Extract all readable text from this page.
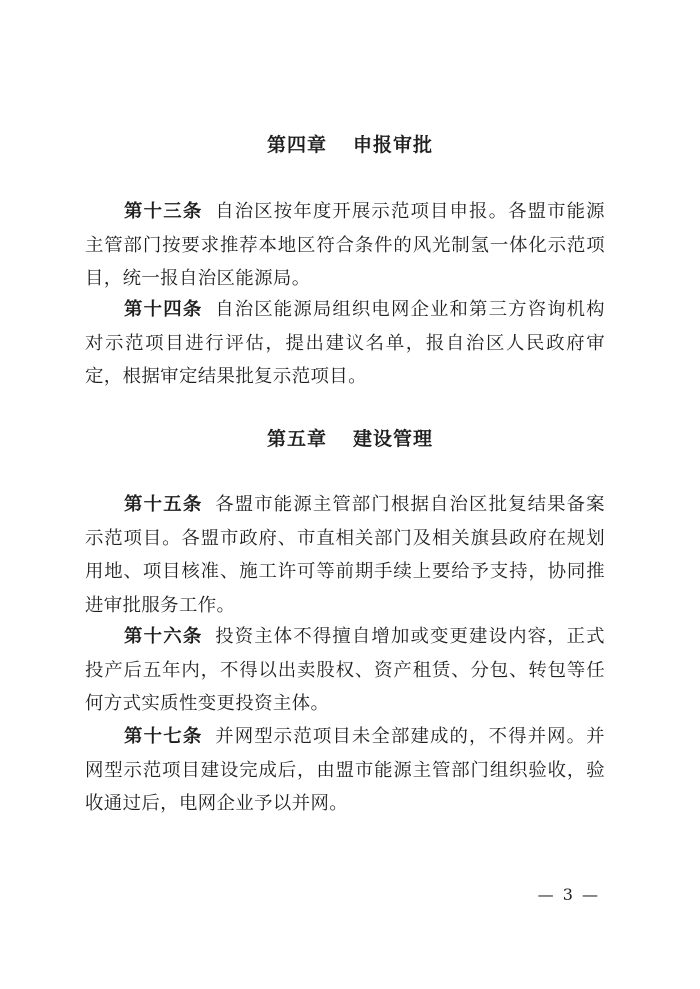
第四章 申报审批

第十三条 自治区按年度开展示范项目申报。各盟市能源主管部门按要求推荐本地区符合条件的风光制氢一体化示范项目，统一报自治区能源局。

第十四条 自治区能源局组织电网企业和第三方咨询机构对示范项目进行评估，提出建议名单，报自治区人民政府审定，根据审定结果批复示范项目。

第五章 建设管理

第十五条 各盟市能源主管部门根据自治区批复结果备案示范项目。各盟市政府、市直相关部门及相关旗县政府在规划用地、项目核准、施工许可等前期手续上要给予支持，协同推进审批服务工作。

第十六条 投资主体不得擅自增加或变更建设内容，正式投产后五年内，不得以出卖股权、资产租赁、分包、转包等任何方式实质性变更投资主体。

第十七条 并网型示范项目未全部建成的，不得并网。并网型示范项目建设完成后，由盟市能源主管部门组织验收，验收通过后，电网企业予以并网。

— 3 —
